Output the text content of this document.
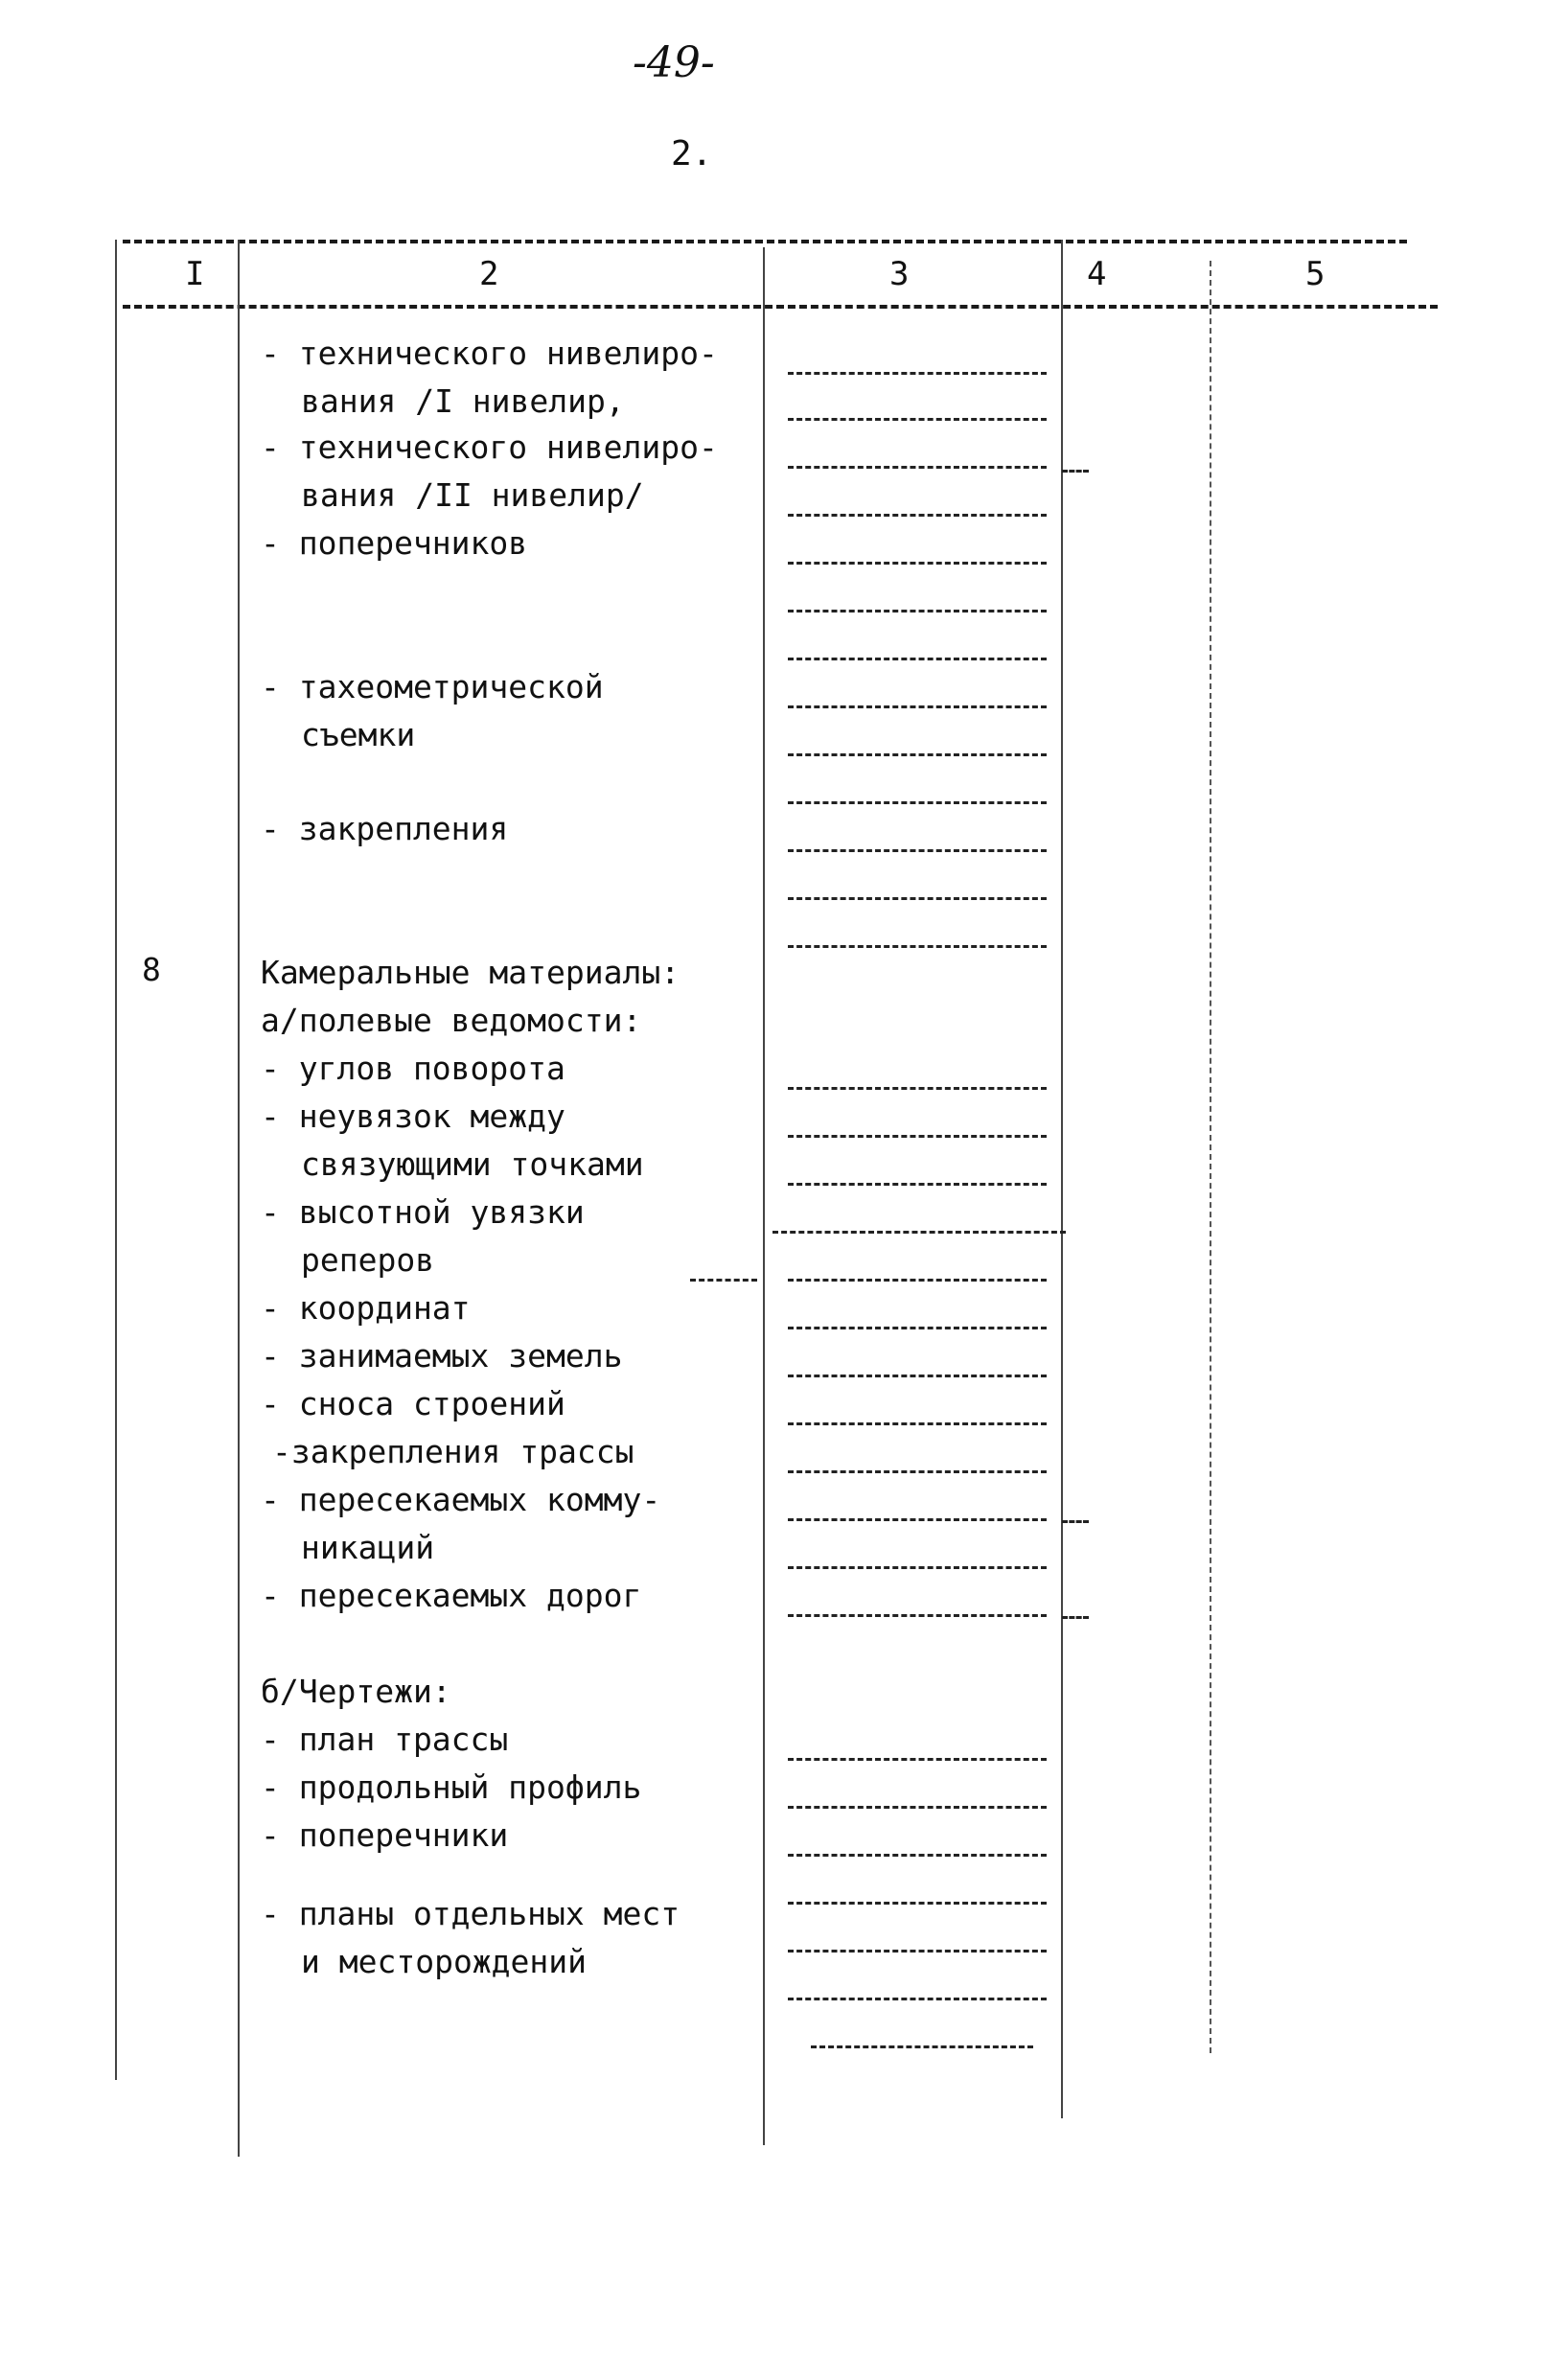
-49-
2.
I	2	3	4	5
- технического нивелиро-
вания /I нивелир,
- технического нивелиро-
вания /II нивелир/
- поперечников
- тахеометрической
съемки
- закрепления
8	Камеральные материалы:
а/полевые ведомости:
- углов поворота
- неувязок между
связующими точками
- высотной увязки
реперов
- координат
- занимаемых земель
- сноса строений
-закрепления трассы
- пересекаемых комму-
никаций
- пересекаемых дорог
б/Чертежи:
- план трассы
- продольный профиль
- поперечники
- планы отдельных мест
и месторождений
